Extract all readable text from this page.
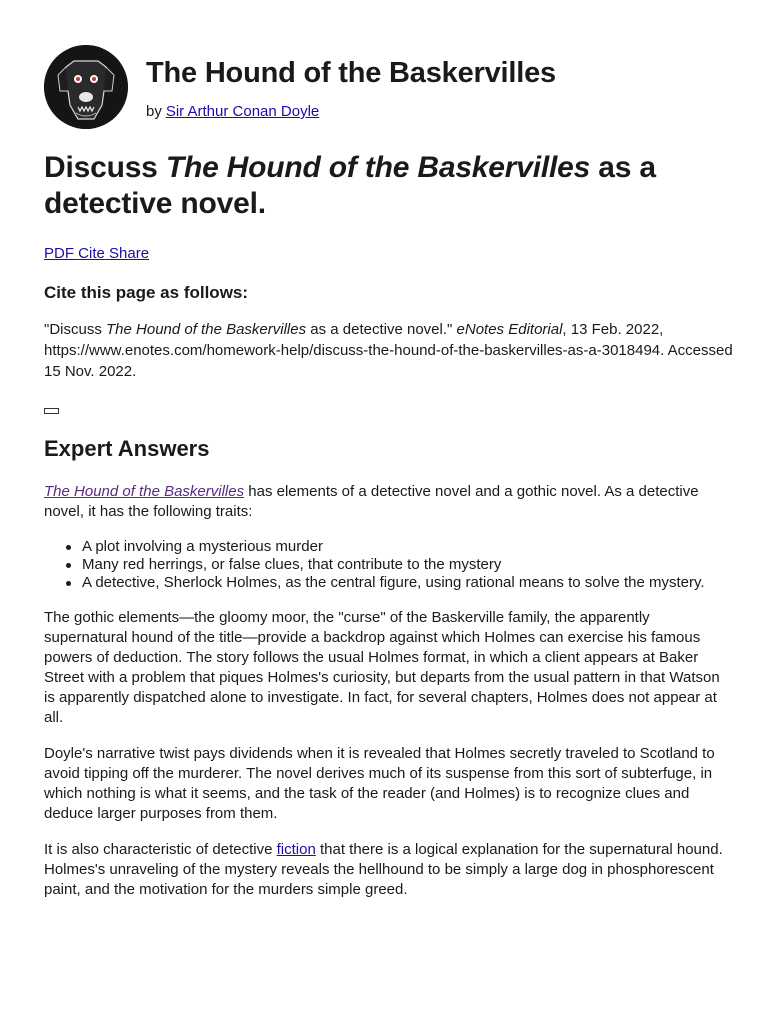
The Hound of the Baskervilles
by Sir Arthur Conan Doyle
Discuss The Hound of the Baskervilles as a detective novel.
PDF Cite Share
Cite this page as follows:

"Discuss The Hound of the Baskervilles as a detective novel." eNotes Editorial, 13 Feb. 2022, https://www.enotes.com/homework-help/discuss-the-hound-of-the-baskervilles-as-a-3018494. Accessed 15 Nov. 2022.

Expert Answers

The Hound of the Baskervilles has elements of a detective novel and a gothic novel. As a detective novel, it has the following traits:

A plot involving a mysterious murder
Many red herrings, or false clues, that contribute to the mystery
A detective, Sherlock Holmes, as the central figure, using rational means to solve the mystery.

The gothic elements—the gloomy moor, the "curse" of the Baskerville family, the apparently supernatural hound of the title—provide a backdrop against which Holmes can exercise his famous powers of deduction. The story follows the usual Holmes format, in which a client appears at Baker Street with a problem that piques Holmes's curiosity, but departs from the usual pattern in that Watson is apparently dispatched alone to investigate. In fact, for several chapters, Holmes does not appear at all.

Doyle's narrative twist pays dividends when it is revealed that Holmes secretly traveled to Scotland to avoid tipping off the murderer. The novel derives much of its suspense from this sort of subterfuge, in which nothing is what it seems, and the task of the reader (and Holmes) is to recognize clues and deduce larger purposes from them.

It is also characteristic of detective fiction that there is a logical explanation for the supernatural hound. Holmes's unraveling of the mystery reveals the hellhound to be simply a large dog in phosphorescent paint, and the motivation for the murders simple greed.
